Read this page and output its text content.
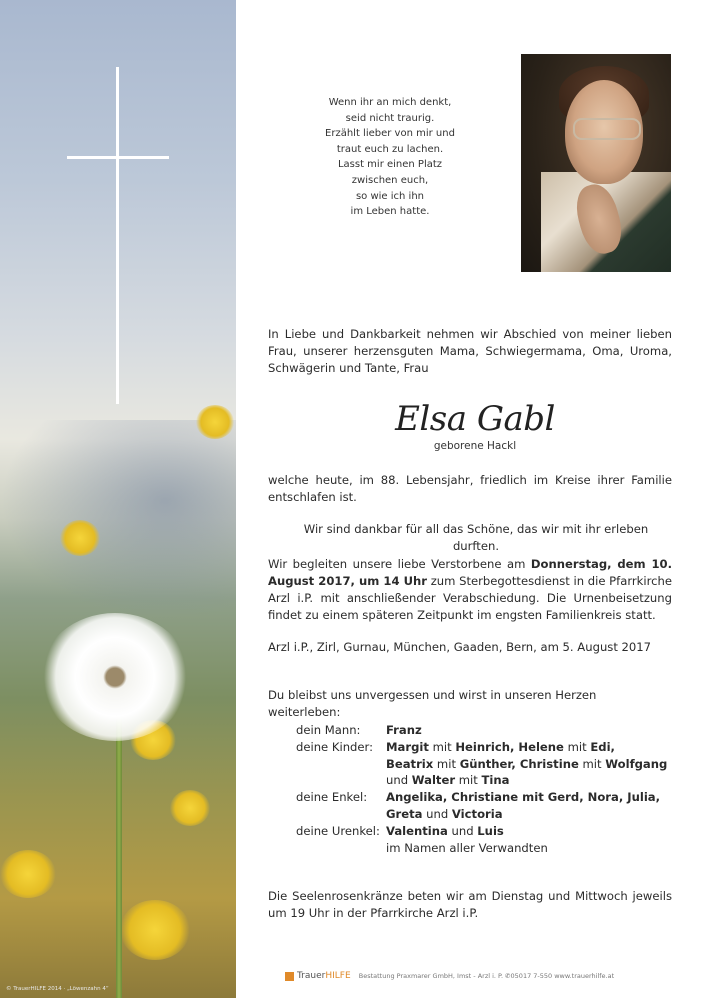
© TrauerHILFE 2014 · „Löwenzahn 4“
Wenn ihr an mich denkt,
seid nicht traurig.
Erzählt lieber von mir und
traut euch zu lachen.
Lasst mir einen Platz
zwischen euch,
so wie ich ihn
im Leben hatte.
In Liebe und Dankbarkeit nehmen wir Abschied von meiner lieben Frau, unserer herzensguten Mama, Schwiegermama, Oma, Uroma, Schwägerin und Tante, Frau
Elsa Gabl
geborene Hackl
welche heute, im 88. Lebensjahr, friedlich im Kreise ihrer Familie entschlafen ist.
Wir sind dankbar für all das Schöne, das wir mit ihr erleben durften.
Wir begleiten unsere liebe Verstorbene am Donnerstag, dem 10. August 2017, um 14 Uhr zum Sterbegottesdienst in die Pfarrkirche Arzl i.P. mit anschließender Verabschiedung. Die Urnenbeisetzung findet zu einem späteren Zeitpunkt im engsten Familienkreis statt.
Arzl i.P., Zirl, Gurnau, München, Gaaden, Bern, am 5. August 2017
Du bleibst uns unvergessen und wirst in unseren Herzen weiterleben:
dein Mann:	Franz
deine Kinder:	Margit mit Heinrich, Helene mit Edi,
	Beatrix mit Günther, Christine mit Wolfgang
	und Walter mit Tina
deine Enkel:	Angelika, Christiane mit Gerd, Nora, Julia,
	Greta und Victoria
deine Urenkel:	Valentina und Luis
	im Namen aller Verwandten
Die Seelenrosenkränze beten wir am Dienstag und Mittwoch jeweils um 19 Uhr in der Pfarrkirche Arzl i.P.
TrauerHILFE Bestattung Praxmarer GmbH, Imst - Arzl i. P. ✆05017 7-550 www.trauerhilfe.at
